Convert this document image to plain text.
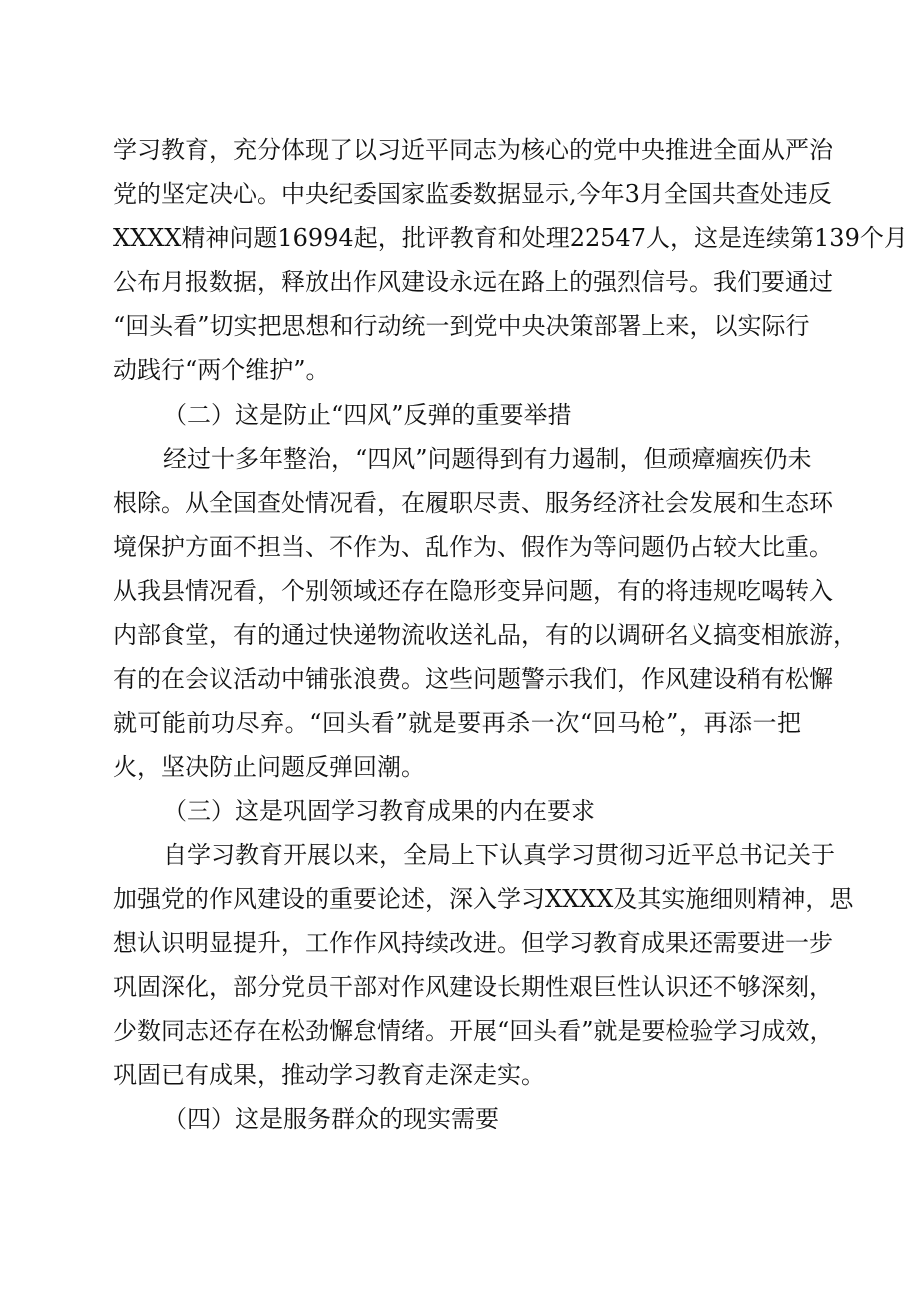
学习教育，充分体现了以习近平同志为核心的党中央推进全面从严治
党的坚定决心。中央纪委国家监委数据显示,今年3月全国共查处违反
XXXX精神问题16994起，批评教育和处理22547人，这是连续第139个月
公布月报数据，释放出作风建设永远在路上的强烈信号。我们要通过
“回头看”切实把思想和行动统一到党中央决策部署上来，以实际行
动践行“两个维护”。
（二）这是防止“四风”反弹的重要举措
经过十多年整治，“四风”问题得到有力遏制，但顽瘴痼疾仍未
根除。从全国查处情况看，在履职尽责、服务经济社会发展和生态环
境保护方面不担当、不作为、乱作为、假作为等问题仍占较大比重。
从我县情况看，个别领域还存在隐形变异问题，有的将违规吃喝转入
内部食堂，有的通过快递物流收送礼品，有的以调研名义搞变相旅游，
有的在会议活动中铺张浪费。这些问题警示我们，作风建设稍有松懈
就可能前功尽弃。“回头看”就是要再杀一次“回马枪”，再添一把
火，坚决防止问题反弹回潮。
（三）这是巩固学习教育成果的内在要求
自学习教育开展以来，全局上下认真学习贯彻习近平总书记关于
加强党的作风建设的重要论述，深入学习XXXX及其实施细则精神，思
想认识明显提升，工作作风持续改进。但学习教育成果还需要进一步
巩固深化，部分党员干部对作风建设长期性艰巨性认识还不够深刻，
少数同志还存在松劲懈怠情绪。开展“回头看”就是要检验学习成效，
巩固已有成果，推动学习教育走深走实。
（四）这是服务群众的现实需要
